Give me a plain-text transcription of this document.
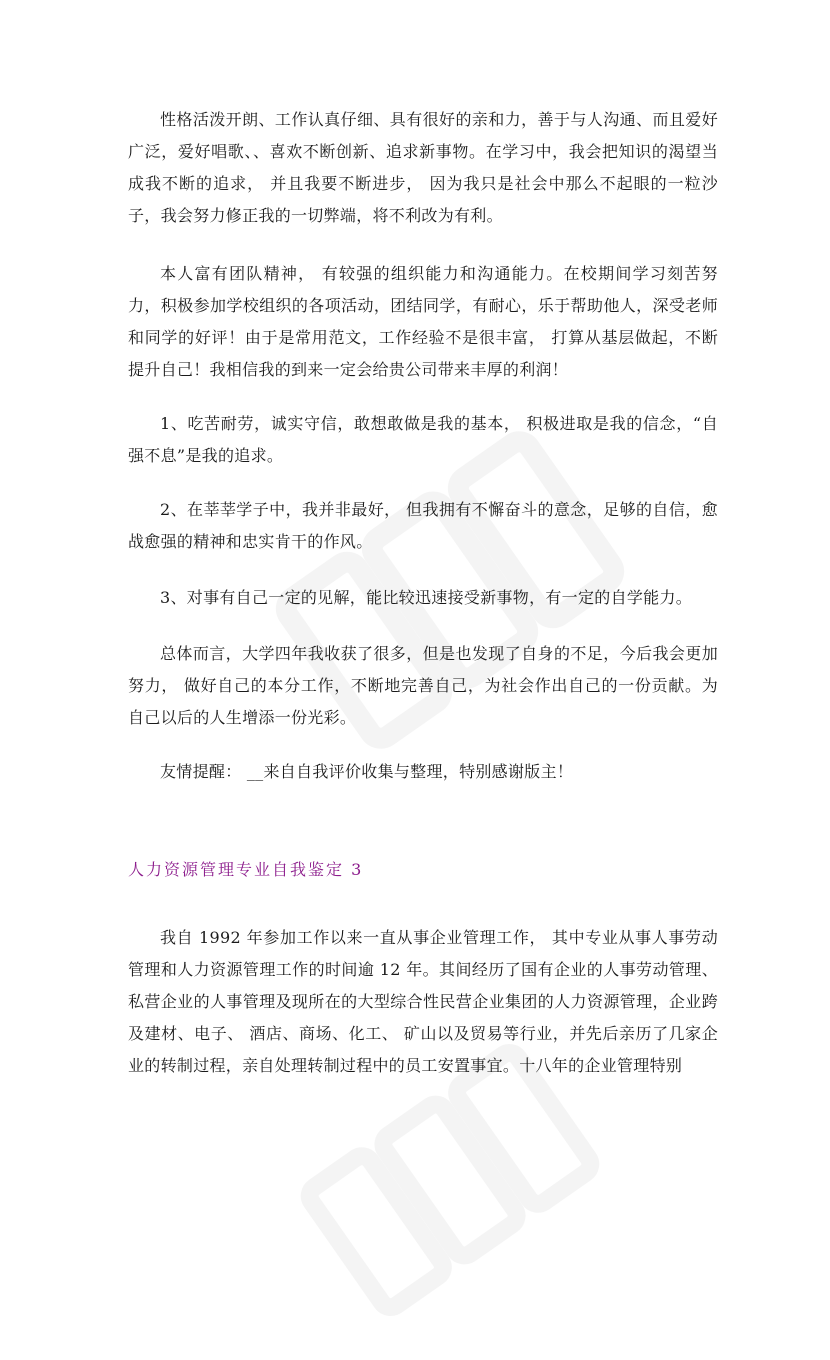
性格活泼开朗、工作认真仔细、具有很好的亲和力，善于与人沟通、而且爱好广泛，爱好唱歌、、喜欢不断创新、追求新事物。在学习中，我会把知识的渴望当成我不断的追求， 并且我要不断进步， 因为我只是社会中那么不起眼的一粒沙子，我会努力修正我的一切弊端，将不利改为有利。

本人富有团队精神， 有较强的组织能力和沟通能力。在校期间学习刻苦努力，积极参加学校组织的各项活动，团结同学，有耐心，乐于帮助他人，深受老师和同学的好评！由于是常用范文，工作经验不是很丰富， 打算从基层做起，不断提升自己！我相信我的到来一定会给贵公司带来丰厚的利润！

1、吃苦耐劳，诚实守信，敢想敢做是我的基本， 积极进取是我的信念，“自强不息”是我的追求。

2、在莘莘学子中，我并非最好， 但我拥有不懈奋斗的意念，足够的自信，愈战愈强的精神和忠实肯干的作风。

3、对事有自己一定的见解，能比较迅速接受新事物，有一定的自学能力。

总体而言，大学四年我收获了很多，但是也发现了自身的不足，今后我会更加努力， 做好自己的本分工作，不断地完善自己，为社会作出自己的一份贡献。为自己以后的人生增添一份光彩。

友情提醒： __来自自我评价收集与整理，特别感谢版主！

人力资源管理专业自我鉴定 3

我自 1992 年参加工作以来一直从事企业管理工作， 其中专业从事人事劳动管理和人力资源管理工作的时间逾 12 年。其间经历了国有企业的人事劳动管理、私营企业的人事管理及现所在的大型综合性民营企业集团的人力资源管理，企业跨及建材、电子、 酒店、商场、化工、 矿山以及贸易等行业，并先后亲历了几家企业的转制过程，亲自处理转制过程中的员工安置事宜。十八年的企业管理特别
